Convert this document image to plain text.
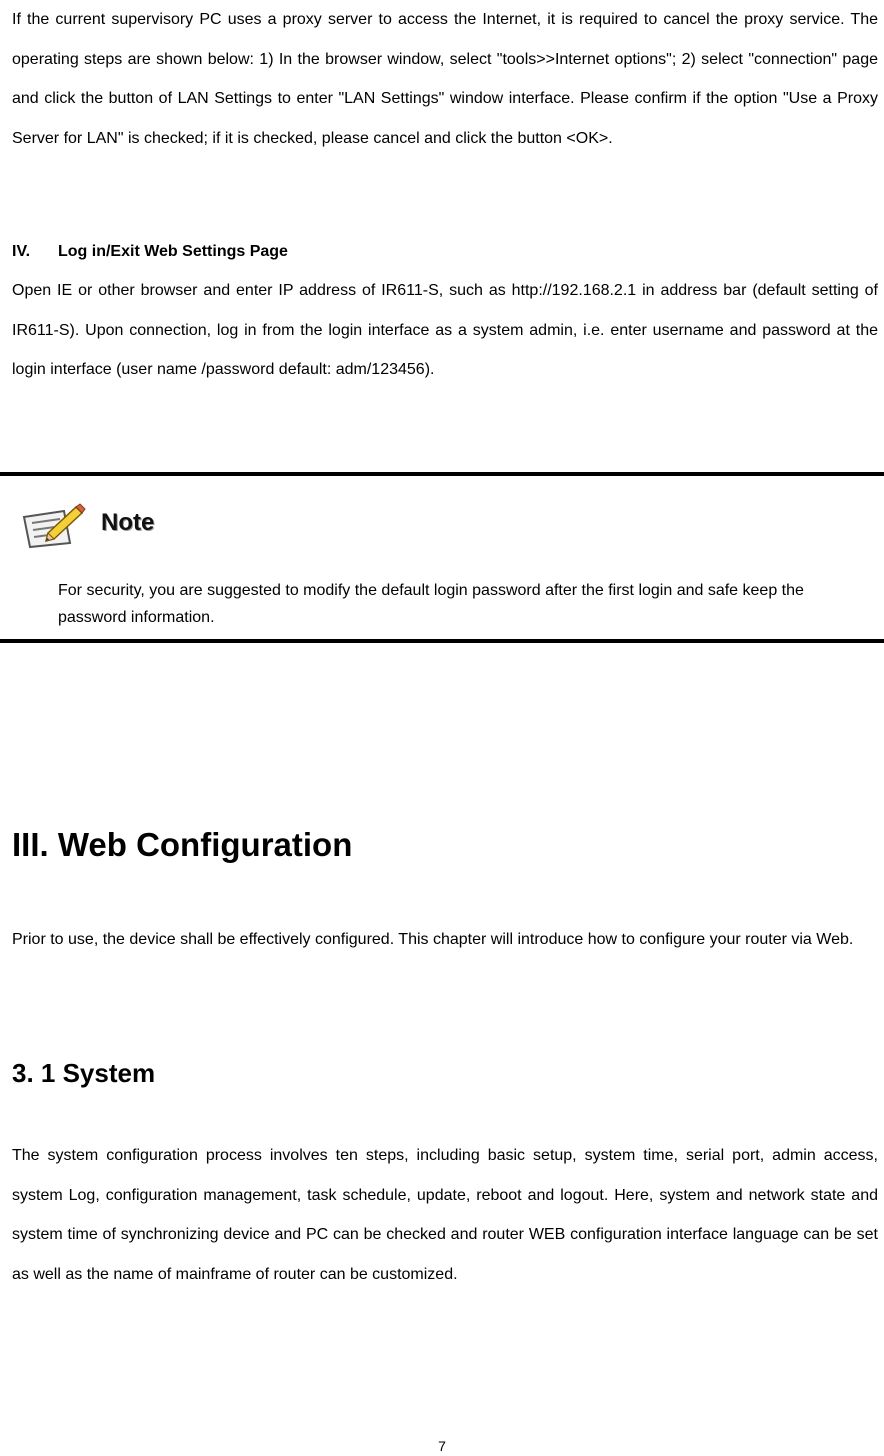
If the current supervisory PC uses a proxy server to access the Internet, it is required to cancel the proxy service. The operating steps are shown below: 1) In the browser window, select "tools>>Internet options"; 2) select "connection" page and click the button of LAN Settings to enter "LAN Settings" window interface. Please confirm if the option "Use a Proxy Server for LAN" is checked; if it is checked, please cancel and click the button <OK>.
IV. Log in/Exit Web Settings Page
Open IE or other browser and enter IP address of IR611-S, such as http://192.168.2.1 in address bar (default setting of IR611-S). Upon connection, log in from the login interface as a system admin, i.e. enter username and password at the login interface (user name /password default: adm/123456).
Note
For security, you are suggested to modify the default login password after the first login and safe keep the password information.
III. Web Configuration
Prior to use, the device shall be effectively configured. This chapter will introduce how to configure your router via Web.
3. 1 System
The system configuration process involves ten steps, including basic setup, system time, serial port, admin access, system Log, configuration management, task schedule, update, reboot and logout. Here, system and network state and system time of synchronizing device and PC can be checked and router WEB configuration interface language can be set as well as the name of mainframe of router can be customized.
7
